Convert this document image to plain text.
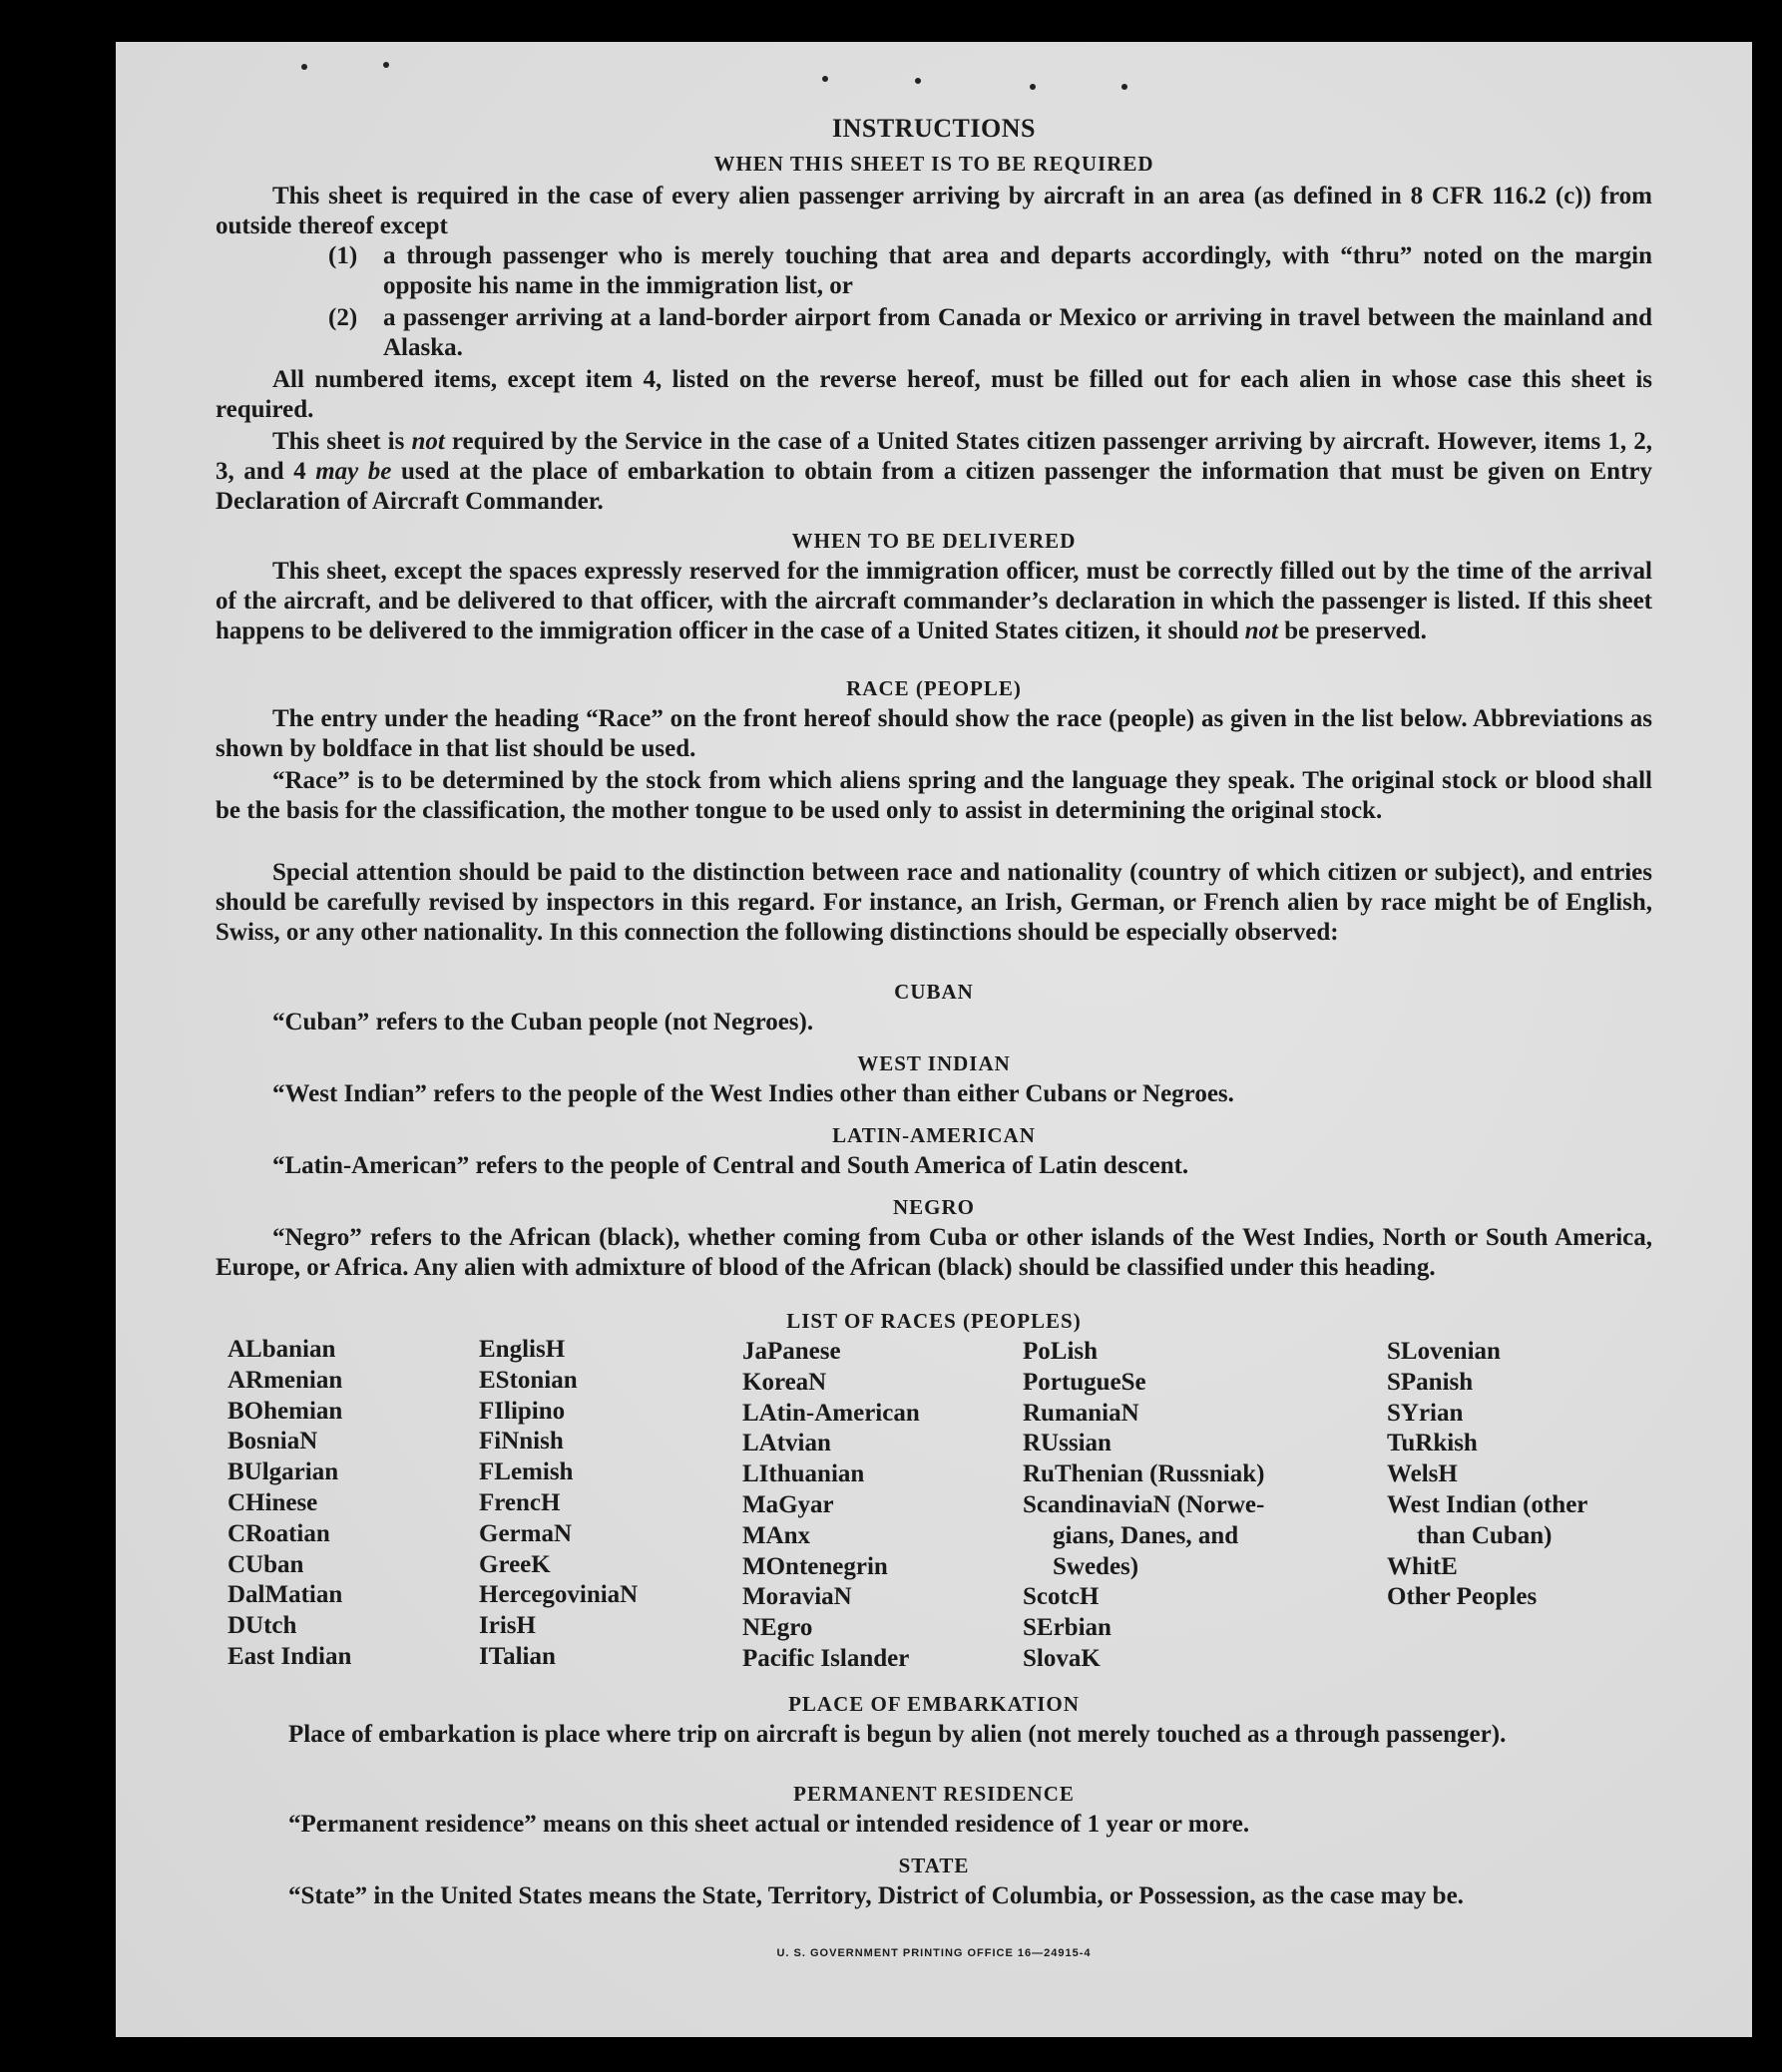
INSTRUCTIONS
WHEN THIS SHEET IS TO BE REQUIRED
This sheet is required in the case of every alien passenger arriving by aircraft in an area (as defined in 8 CFR 116.2 (c)) from outside thereof except
(1) a through passenger who is merely touching that area and departs accordingly, with “thru” noted on the margin opposite his name in the immigration list, or
(2) a passenger arriving at a land-border airport from Canada or Mexico or arriving in travel between the mainland and Alaska.
All numbered items, except item 4, listed on the reverse hereof, must be filled out for each alien in whose case this sheet is required.
This sheet is not required by the Service in the case of a United States citizen passenger arriving by aircraft. However, items 1, 2, 3, and 4 may be used at the place of embarkation to obtain from a citizen passenger the information that must be given on Entry Declaration of Aircraft Commander.
WHEN TO BE DELIVERED
This sheet, except the spaces expressly reserved for the immigration officer, must be correctly filled out by the time of the arrival of the aircraft, and be delivered to that officer, with the aircraft commander’s declaration in which the passenger is listed. If this sheet happens to be delivered to the immigration officer in the case of a United States citizen, it should not be preserved.
RACE (PEOPLE)
The entry under the heading “Race” on the front hereof should show the race (people) as given in the list below. Abbreviations as shown by boldface in that list should be used.
“Race” is to be determined by the stock from which aliens spring and the language they speak. The original stock or blood shall be the basis for the classification, the mother tongue to be used only to assist in determining the original stock.
Special attention should be paid to the distinction between race and nationality (country of which citizen or subject), and entries should be carefully revised by inspectors in this regard. For instance, an Irish, German, or French alien by race might be of English, Swiss, or any other nationality. In this connection the following distinctions should be especially observed:
CUBAN
“Cuban” refers to the Cuban people (not Negroes).
WEST INDIAN
“West Indian” refers to the people of the West Indies other than either Cubans or Negroes.
LATIN-AMERICAN
“Latin-American” refers to the people of Central and South America of Latin descent.
NEGRO
“Negro” refers to the African (black), whether coming from Cuba or other islands of the West Indies, North or South America, Europe, or Africa. Any alien with admixture of blood of the African (black) should be classified under this heading.
LIST OF RACES (PEOPLES)
ALbanian
ARmenian
BOhemian
BosniaN
BUlgarian
CHinese
CRoatian
CUban
DalMatian
DUtch
East Indian
EnglisH
EStonian
FIlipino
FiNnish
FLemish
FrencH
GermaN
GreeK
HercegoviniaN
IrisH
ITalian
JaPanese
KoreaN
LAtin-American
LAtvian
LIthuanian
MaGyar
MAnx
MOntenegrin
MoraviaN
NEgro
Pacific Islander
PoLish
PortugueSe
RumaniaN
RUssian
RuThenian (Russniak)
ScandinaviaN (Norwe-
gians, Danes, and
Swedes)
ScotcH
SErbian
SlovaK
SLovenian
SPanish
SYrian
TuRkish
WelsH
West Indian (other
than Cuban)
WhitE
Other Peoples
PLACE OF EMBARKATION
Place of embarkation is place where trip on aircraft is begun by alien (not merely touched as a through passenger).
PERMANENT RESIDENCE
“Permanent residence” means on this sheet actual or intended residence of 1 year or more.
STATE
“State” in the United States means the State, Territory, District of Columbia, or Possession, as the case may be.
U. S. GOVERNMENT PRINTING OFFICE 16—24915-4
